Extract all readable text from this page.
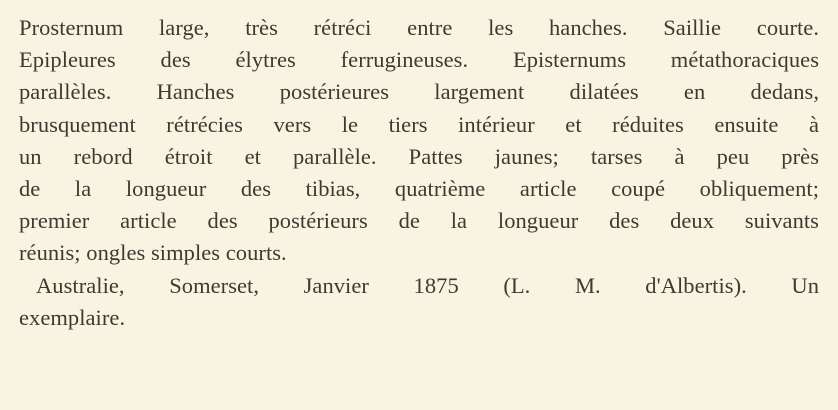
Prosternum large, très rétréci entre les hanches. Saillie courte.
Epipleures des élytres ferrugineuses. Episternums métathoraciques
parallèles. Hanches postérieures largement dilatées en dedans,
brusquement rétrécies vers le tiers intérieur et réduites ensuite à
un rebord étroit et parallèle. Pattes jaunes; tarses à peu près
de la longueur des tibias, quatrième article coupé obliquement;
premier article des postérieurs de la longueur des deux suivants
réunis; ongles simples courts.
Australie, Somerset, Janvier 1875 (L. M. d'Albertis). Un
exemplaire.
